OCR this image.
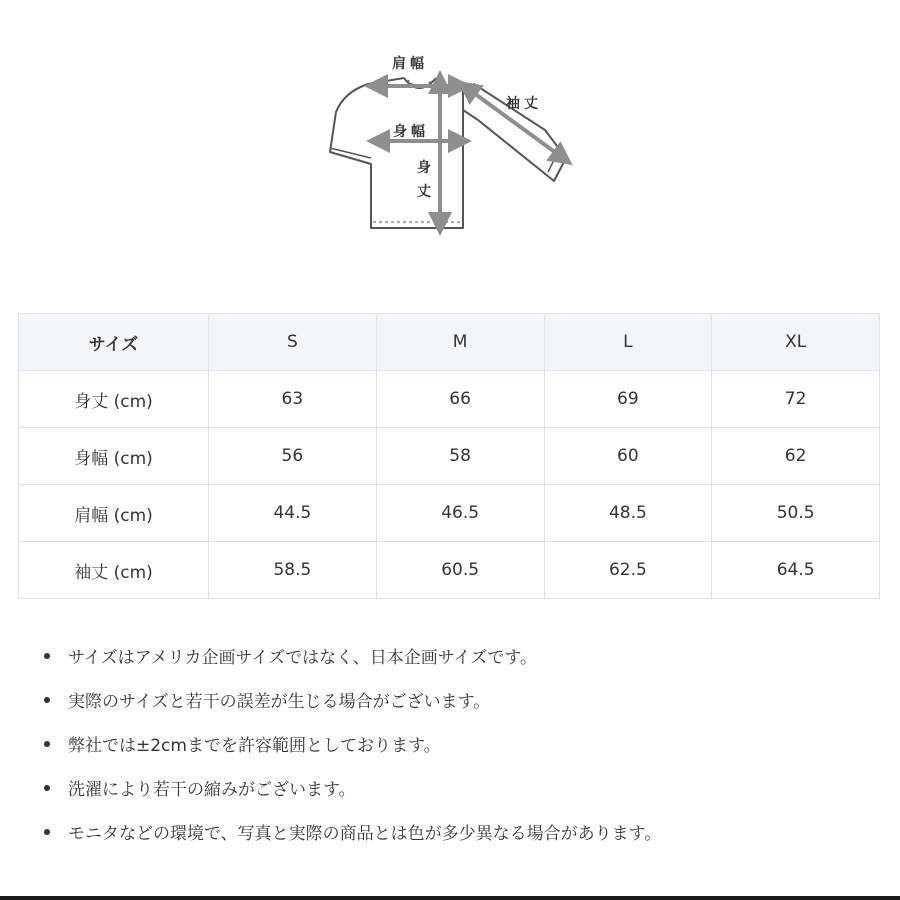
肩幅
袖丈
身幅
身
丈
サイズ	S	M	L	XL
身丈 (cm)	63	66	69	72
身幅 (cm)	56	58	60	62
肩幅 (cm)	44.5	46.5	48.5	50.5
袖丈 (cm)	58.5	60.5	62.5	64.5
サイズはアメリカ企画サイズではなく、日本企画サイズです。
実際のサイズと若干の誤差が生じる場合がございます。
弊社では±2cmまでを許容範囲としております。
洗濯により若干の縮みがございます。
モニタなどの環境で、写真と実際の商品とは色が多少異なる場合があります。
